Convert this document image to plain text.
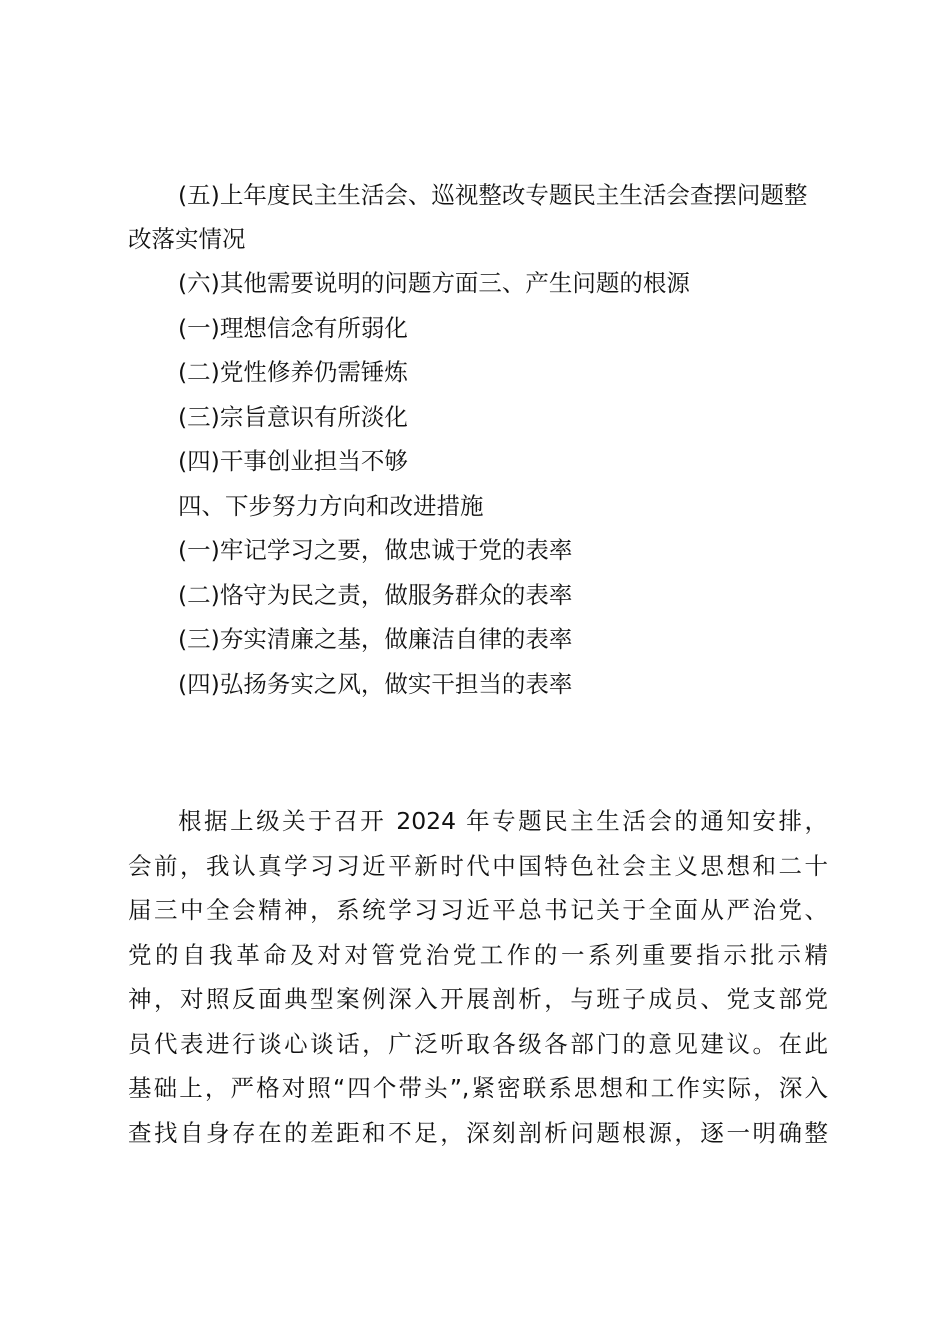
(五)上年度民主生活会、巡视整改专题民主生活会查摆问题整改落实情况

(六)其他需要说明的问题方面三、产生问题的根源

(一)理想信念有所弱化

(二)党性修养仍需锤炼

(三)宗旨意识有所淡化

(四)干事创业担当不够

四、下步努力方向和改进措施

(一)牢记学习之要，做忠诚于党的表率

(二)恪守为民之责，做服务群众的表率

(三)夯实清廉之基，做廉洁自律的表率

(四)弘扬务实之风，做实干担当的表率

根据上级关于召开 2024 年专题民主生活会的通知安排，

会前，我认真学习习近平新时代中国特色社会主义思想和二十

届三中全会精神，系统学习习近平总书记关于全面从严治党、

党的自我革命及对对管党治党工作的一系列重要指示批示精

神，对照反面典型案例深入开展剖析，与班子成员、党支部党

员代表进行谈心谈话，广泛听取各级各部门的意见建议。在此

基础上，严格对照“四个带头”,紧密联系思想和工作实际，深入

查找自身存在的差距和不足，深刻剖析问题根源，逐一明确整
